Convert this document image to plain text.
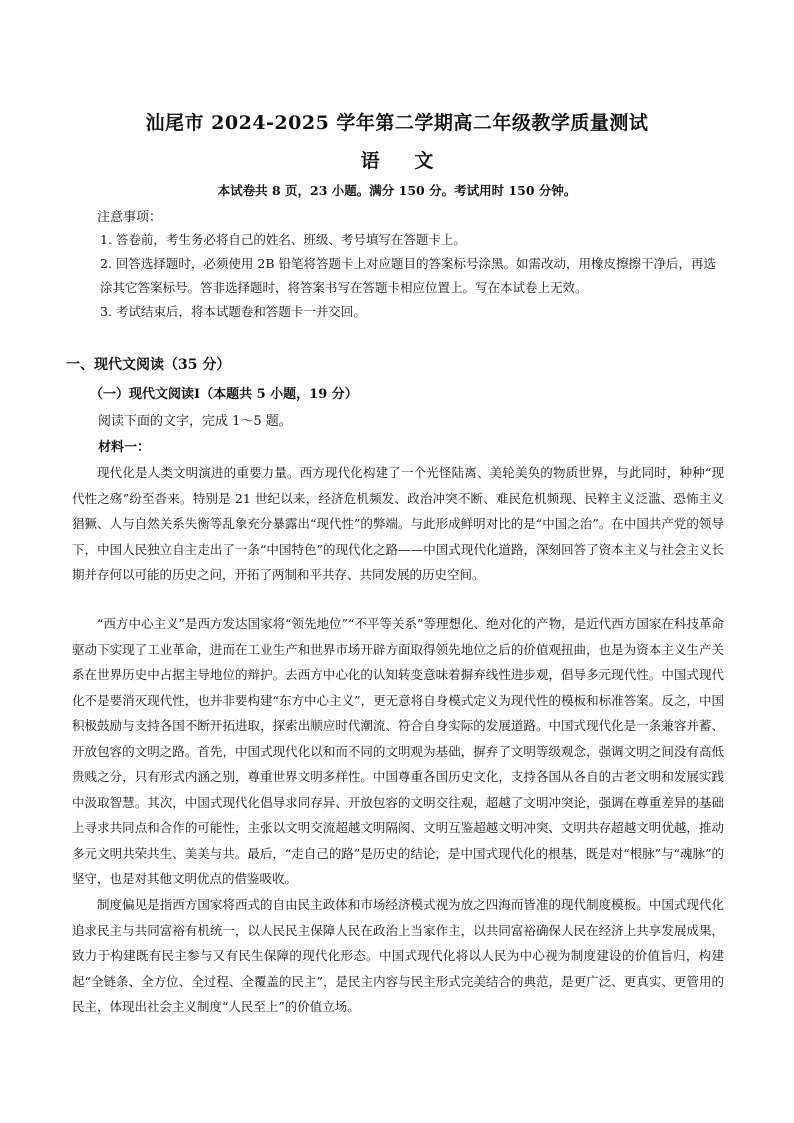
汕尾市 2024-2025 学年第二学期高二年级教学质量测试
语 文
本试卷共 8 页，23 小题。满分 150 分。考试用时 150 分钟。
注意事项：
1. 答卷前，考生务必将自己的姓名、班级、考号填写在答题卡上。
2. 回答选择题时，必须使用 2B 铅笔将答题卡上对应题目的答案标号涂黑。如需改动，用橡皮擦擦干净后，再选涂其它答案标号。答非选择题时，将答案书写在答题卡相应位置上。写在本试卷上无效。
3. 考试结束后，将本试题卷和答题卡一并交回。
一、现代文阅读（35 分）
（一）现代文阅读Ⅰ（本题共 5 小题，19 分）
阅读下面的文字，完成 1～5 题。
材料一：
现代化是人类文明演进的重要力量。西方现代化构建了一个光怪陆离、美轮美奂的物质世界，与此同时，种种“现代性之殇”纷至沓来。特别是 21 世纪以来，经济危机频发、政治冲突不断、难民危机频现、民粹主义泛滥、恐怖主义猖獗、人与自然关系失衡等乱象充分暴露出“现代性”的弊端。与此形成鲜明对比的是“中国之治”。在中国共产党的领导下，中国人民独立自主走出了一条“中国特色”的现代化之路——中国式现代化道路，深刻回答了资本主义与社会主义长期并存何以可能的历史之问，开拓了两制和平共存、共同发展的历史空间。
“西方中心主义”是西方发达国家将“领先地位”“不平等关系”等理想化、绝对化的产物，是近代西方国家在科技革命驱动下实现了工业革命，进而在工业生产和世界市场开辟方面取得领先地位之后的价值观扭曲，也是为资本主义生产关系在世界历史中占据主导地位的辩护。去西方中心化的认知转变意味着摒弃线性进步观，倡导多元现代性。中国式现代化不是要消灭现代性，也并非要构建“东方中心主义”，更无意将自身模式定义为现代性的模板和标准答案。反之，中国积极鼓励与支持各国不断开拓进取，探索出顺应时代潮流、符合自身实际的发展道路。中国式现代化是一条兼容并蓄、开放包容的文明之路。首先，中国式现代化以和而不同的文明观为基础，摒弃了文明等级观念，强调文明之间没有高低贵贱之分，只有形式内涵之别，尊重世界文明多样性。中国尊重各国历史文化，支持各国从各自的古老文明和发展实践中汲取智慧。其次，中国式现代化倡导求同存异、开放包容的文明交往观，超越了文明冲突论，强调在尊重差异的基础上寻求共同点和合作的可能性，主张以文明交流超越文明隔阂、文明互鉴超越文明冲突、文明共存超越文明优越，推动多元文明共荣共生、美美与共。最后，“走自己的路”是历史的结论，是中国式现代化的根基，既是对“根脉”与“魂脉”的坚守，也是对其他文明优点的借鉴吸收。
制度偏见是指西方国家将西式的自由民主政体和市场经济模式视为放之四海而皆准的现代制度模板。中国式现代化追求民主与共同富裕有机统一，以人民民主保障人民在政治上当家作主，以共同富裕确保人民在经济上共享发展成果，致力于构建既有民主参与又有民生保障的现代化形态。中国式现代化将以人民为中心视为制度建设的价值旨归，构建起“全链条、全方位、全过程、全覆盖的民主”，是民主内容与民主形式完美结合的典范，是更广泛、更真实、更管用的民主，体现出社会主义制度“人民至上”的价值立场。
